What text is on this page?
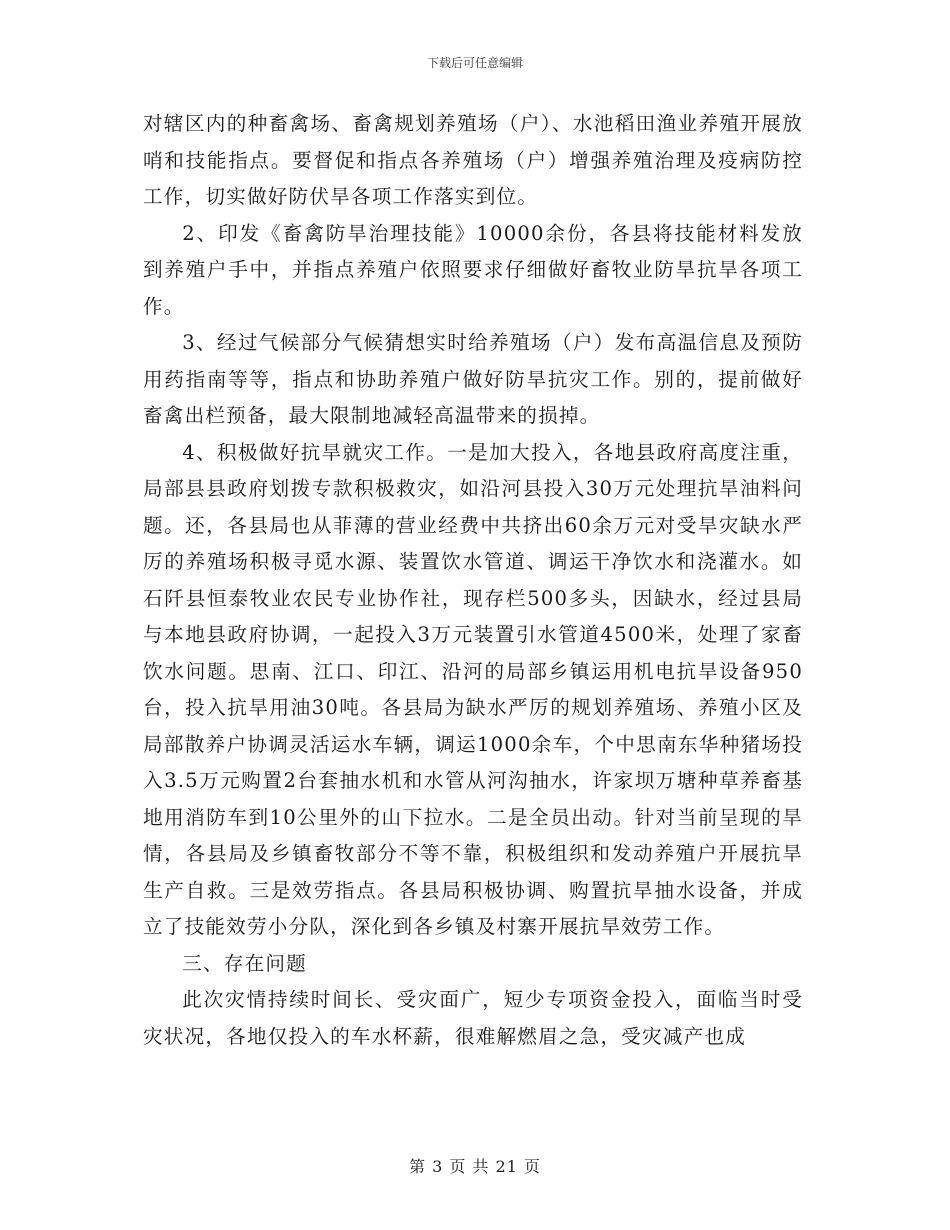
下载后可任意编辑

对辖区内的种畜禽场、畜禽规划养殖场（户）、水池稻田渔业养殖开展放哨和技能指点。要督促和指点各养殖场（户）增强养殖治理及疫病防控工作，切实做好防伏旱各项工作落实到位。

2、印发《畜禽防旱治理技能》10000余份，各县将技能材料发放到养殖户手中，并指点养殖户依照要求仔细做好畜牧业防旱抗旱各项工作。

3、经过气候部分气候猜想实时给养殖场（户）发布高温信息及预防用药指南等等，指点和协助养殖户做好防旱抗灾工作。别的，提前做好畜禽出栏预备，最大限制地减轻高温带来的损掉。

4、积极做好抗旱就灾工作。一是加大投入，各地县政府高度注重，局部县县政府划拨专款积极救灾，如沿河县投入30万元处理抗旱油料问题。还，各县局也从菲薄的营业经费中共挤出60余万元对受旱灾缺水严厉的养殖场积极寻觅水源、装置饮水管道、调运干净饮水和浇灌水。如石阡县恒泰牧业农民专业协作社，现存栏500多头，因缺水，经过县局与本地县政府协调，一起投入3万元装置引水管道4500米，处理了家畜饮水问题。思南、江口、印江、沿河的局部乡镇运用机电抗旱设备950台，投入抗旱用油30吨。各县局为缺水严厉的规划养殖场、养殖小区及局部散养户协调灵活运水车辆，调运1000余车，个中思南东华种猪场投入3.5万元购置2台套抽水机和水管从河沟抽水，许家坝万塘种草养畜基地用消防车到10公里外的山下拉水。二是全员出动。针对当前呈现的旱情，各县局及乡镇畜牧部分不等不靠，积极组织和发动养殖户开展抗旱生产自救。三是效劳指点。各县局积极协调、购置抗旱抽水设备，并成立了技能效劳小分队，深化到各乡镇及村寨开展抗旱效劳工作。

三、存在问题

此次灾情持续时间长、受灾面广，短少专项资金投入，面临当时受灾状况，各地仅投入的车水杯薪，很难解燃眉之急，受灾减产也成

第 3 页 共 21 页
